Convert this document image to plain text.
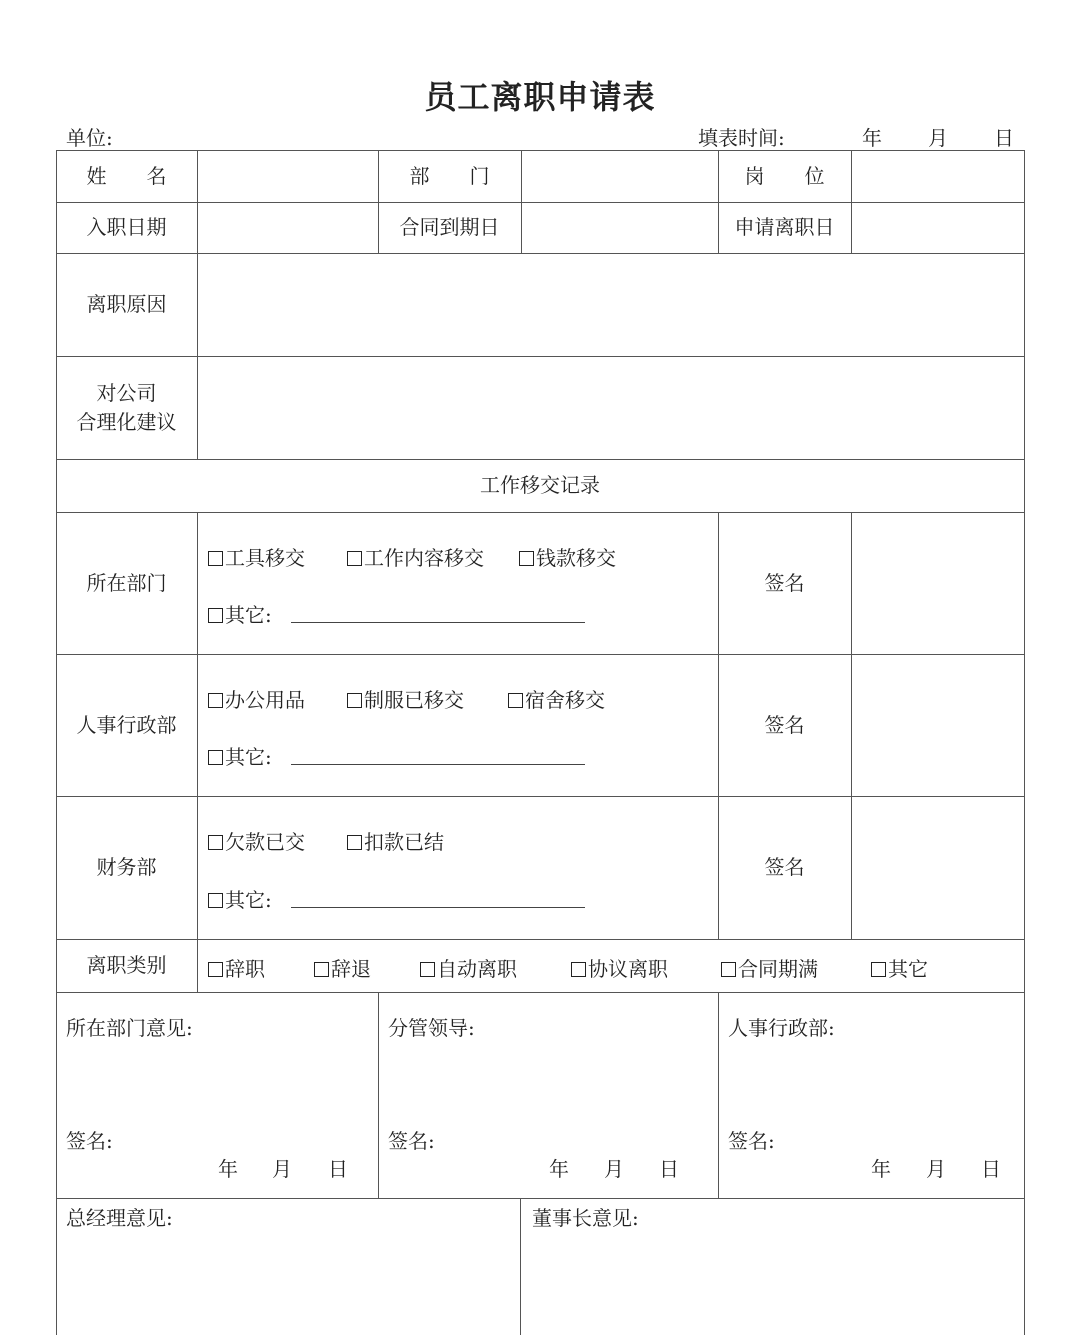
员工离职申请表
单位:	填表时间:	年 月 日
姓　　名	部　　门	岗　　位
入职日期	合同到期日	申请离职日
离职原因
对公司
合理化建议
工作移交记录
所在部门
工具移交	工作内容移交	钱款移交
其它:
签名
人事行政部
办公用品	制服已移交	宿舍移交
其它:
签名
财务部
欠款已交	扣款已结
其它:
签名
离职类别	辞职	辞退	自动离职	协议离职	合同期满	其它
所在部门意见:
签名:
年 月 日
分管领导:
签名:
年 月 日
人事行政部:
签名:
年 月 日
总经理意见:	董事长意见:
